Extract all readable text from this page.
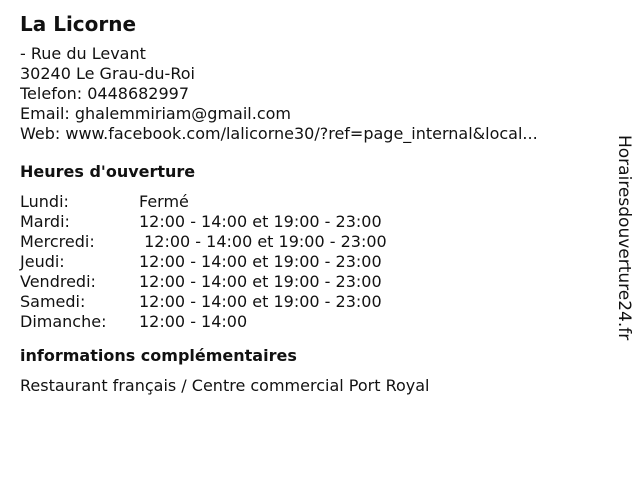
La Licorne
- Rue du Levant
30240 Le Grau-du-Roi
Telefon: 0448682997
Email: ghalemmiriam@gmail.com
Web: www.facebook.com/lalicorne30/?ref=page_internal&local...
Heures d'ouverture
Lundi:	Fermé
Mardi:	12:00 - 14:00 et 19:00 - 23:00
Mercredi:	12:00 - 14:00 et 19:00 - 23:00
Jeudi:	12:00 - 14:00 et 19:00 - 23:00
Vendredi:	12:00 - 14:00 et 19:00 - 23:00
Samedi:	12:00 - 14:00 et 19:00 - 23:00
Dimanche:	12:00 - 14:00
informations complémentaires
Restaurant français / Centre commercial Port Royal
Horairesdouverture24.fr
